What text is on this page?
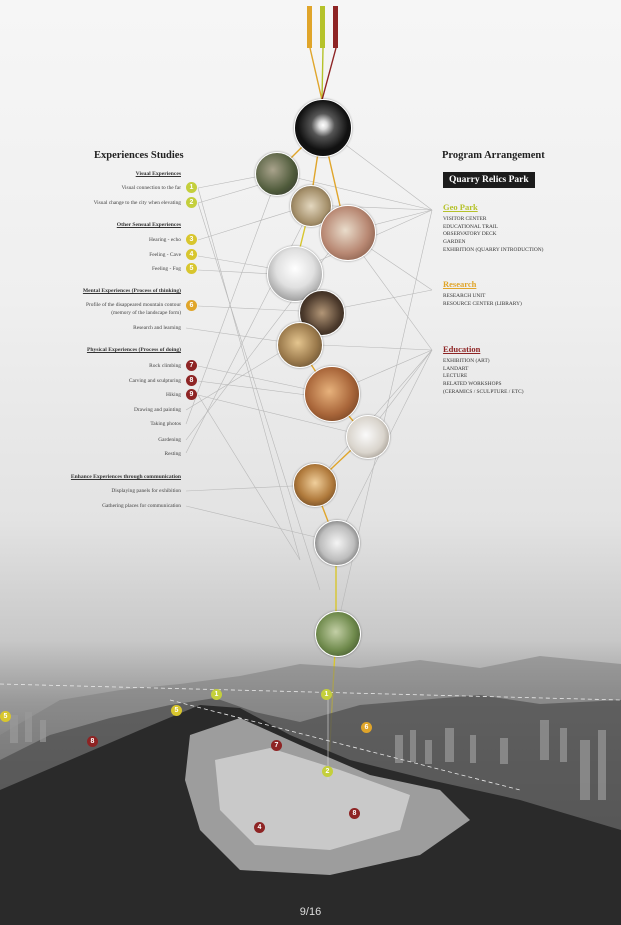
Experiences Studies
Visual Experiences
Visual connection to the far	1
Visual change to the city when elevating	2
Other Sensual Experiences
Hearing - echo	3
Feeling - Cave	4
Feeling - Fog	5
Mental Experiences (Process of thinking)
Profile of the disappeared mountain contour
(memory of the landscape form)
6
Research and learning
Physical Experiences (Process of doing)
Rock climbing	7
Carving and sculpturing	8
Hiking	9
Drawing and painting
Taking photos
Gardening
Resting
Enhance Experiences through communication
Displaying panels for exhibition
Gathering places for communication
Program Arrangement
Quarry Relics Park
Geo Park
VISITOR CENTER
EDUCATIONAL TRAIL
OBSERVATORY DECK
GARDEN
EXHIBITION (QUARRY INTRODUCTION)
Research
RESEARCH UNIT
RESOURCE CENTER (LIBRARY)
Education
EXHIBITION (ART)
LANDART
LECTURE
RELATED WORKSHOPS
(CERAMICS / SCULPTURE / ETC)
1	1
5
5
6
8
7
2
8
4
9/16
